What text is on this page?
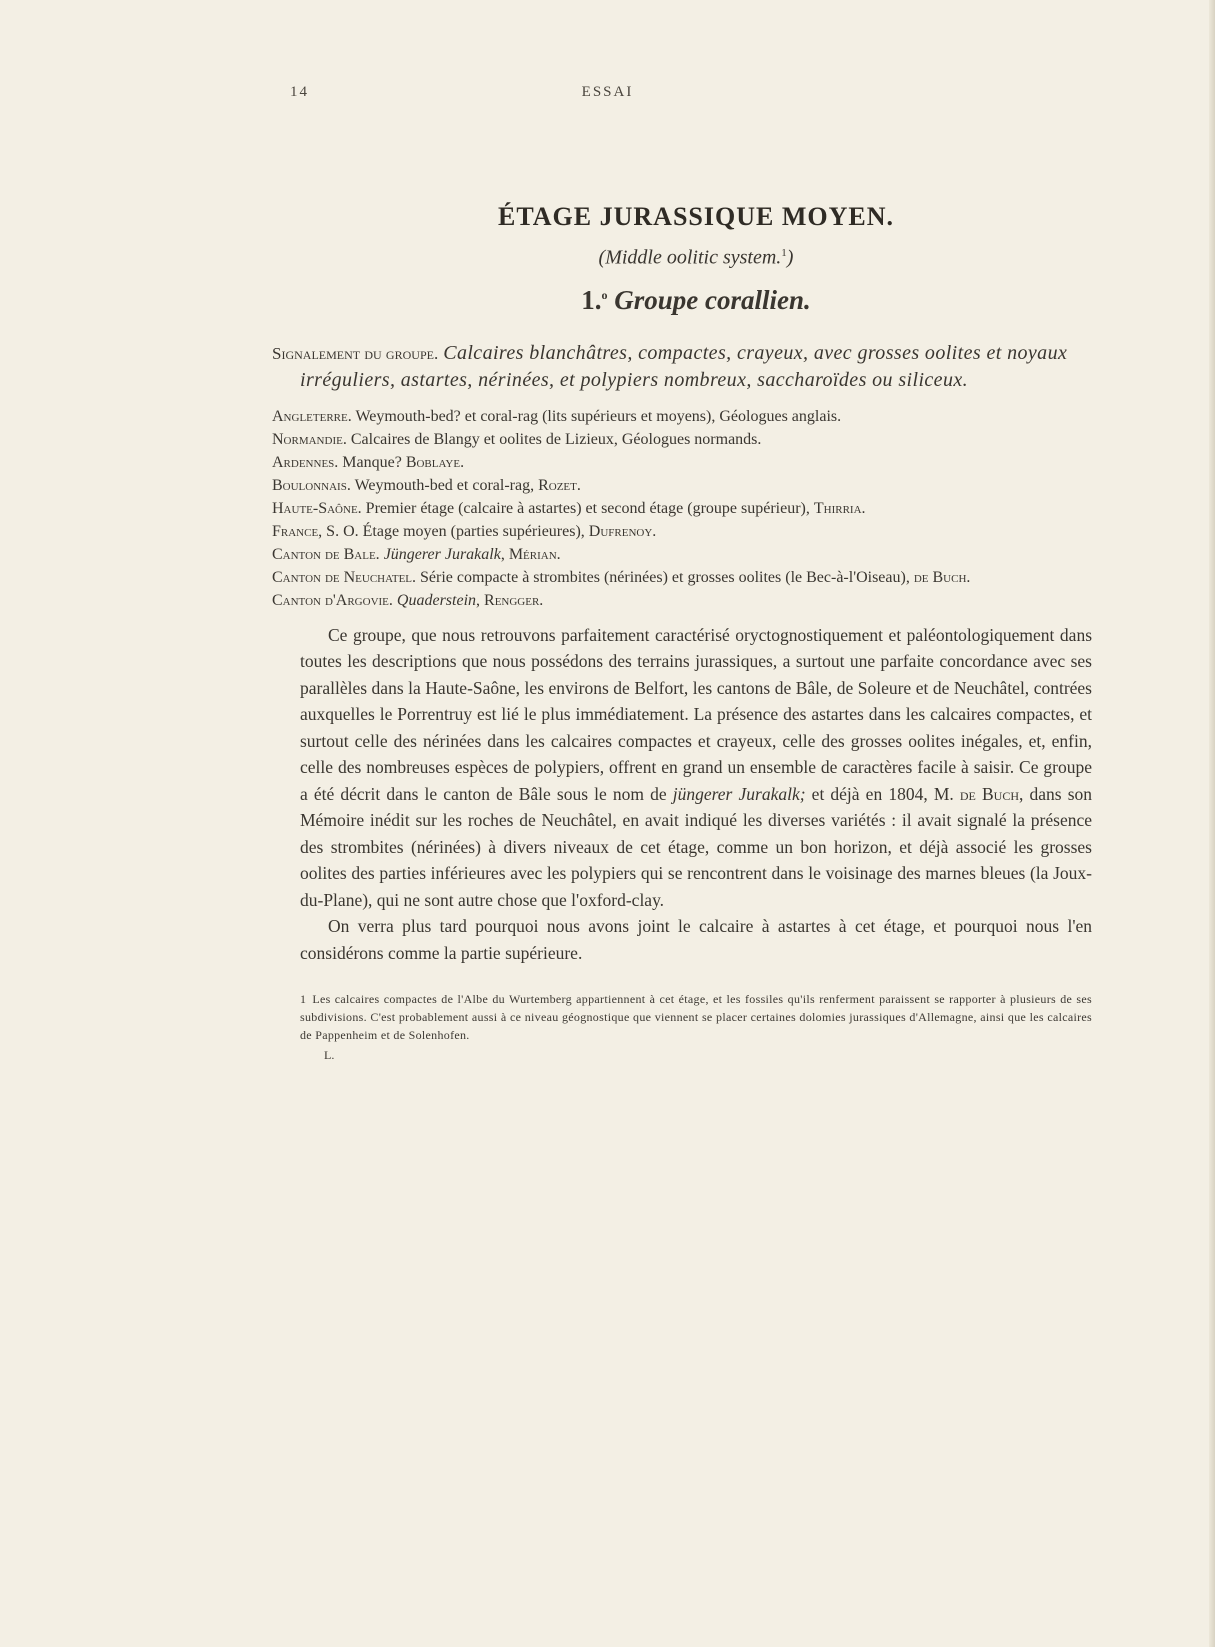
14	ESSAI
ÉTAGE JURASSIQUE MOYEN.

(Middle oolitic system.$^1$)

1.$^o$ Groupe corallien.

Signalement du groupe. Calcaires blanchâtres, compactes, crayeux, avec grosses oolites et noyaux irréguliers, astartes, nérinées, et polypiers nombreux, saccharoïdes ou siliceux.

Angleterre. Weymouth-bed? et coral-rag (lits supérieurs et moyens), Géologues anglais.
Normandie. Calcaires de Blangy et oolites de Lizieux, Géologues normands.
Ardennes. Manque? Boblaye.
Boulonnais. Weymouth-bed et coral-rag, Rozet.
Haute-Saône. Premier étage (calcaire à astartes) et second étage (groupe supérieur), Thirria.
France, S. O. Étage moyen (parties supérieures), Dufrenoy.
Canton de Bale. Jüngerer Jurakalk, Mérian.
Canton de Neuchatel. Série compacte à strombites (nérinées) et grosses oolites (le Bec-à-l'Oiseau), de Buch.
Canton d'Argovie. Quaderstein, Rengger.

Ce groupe, que nous retrouvons parfaitement caractérisé oryctognostiquement et paléontologiquement dans toutes les descriptions que nous possédons des terrains jurassiques, a surtout une parfaite concordance avec ses parallèles dans la Haute-Saône, les environs de Belfort, les cantons de Bâle, de Soleure et de Neuchâtel, contrées auxquelles le Porrentruy est lié le plus immédiatement. La présence des astartes dans les calcaires compactes, et surtout celle des nérinées dans les calcaires compactes et crayeux, celle des grosses oolites inégales, et, enfin, celle des nombreuses espèces de polypiers, offrent en grand un ensemble de caractères facile à saisir. Ce groupe a été décrit dans le canton de Bâle sous le nom de jüngerer Jurakalk; et déjà en 1804, M. de Buch, dans son Mémoire inédit sur les roches de Neuchâtel, en avait indiqué les diverses variétés : il avait signalé la présence des strombites (nérinées) à divers niveaux de cet étage, comme un bon horizon, et déjà associé les grosses oolites des parties inférieures avec les polypiers qui se rencontrent dans le voisinage des marnes bleues (la Joux-du-Plane), qui ne sont autre chose que l'oxford-clay.

On verra plus tard pourquoi nous avons joint le calcaire à astartes à cet étage, et pourquoi nous l'en considérons comme la partie supérieure.

1 Les calcaires compactes de l'Albe du Wurtemberg appartiennent à cet étage, et les fossiles qu'ils renferment paraissent se rapporter à plusieurs de ses subdivisions. C'est probablement aussi à ce niveau géognostique que viennent se placer certaines dolomies jurassiques d'Allemagne, ainsi que les calcaires de Pappenheim et de Solenhofen.
L.
